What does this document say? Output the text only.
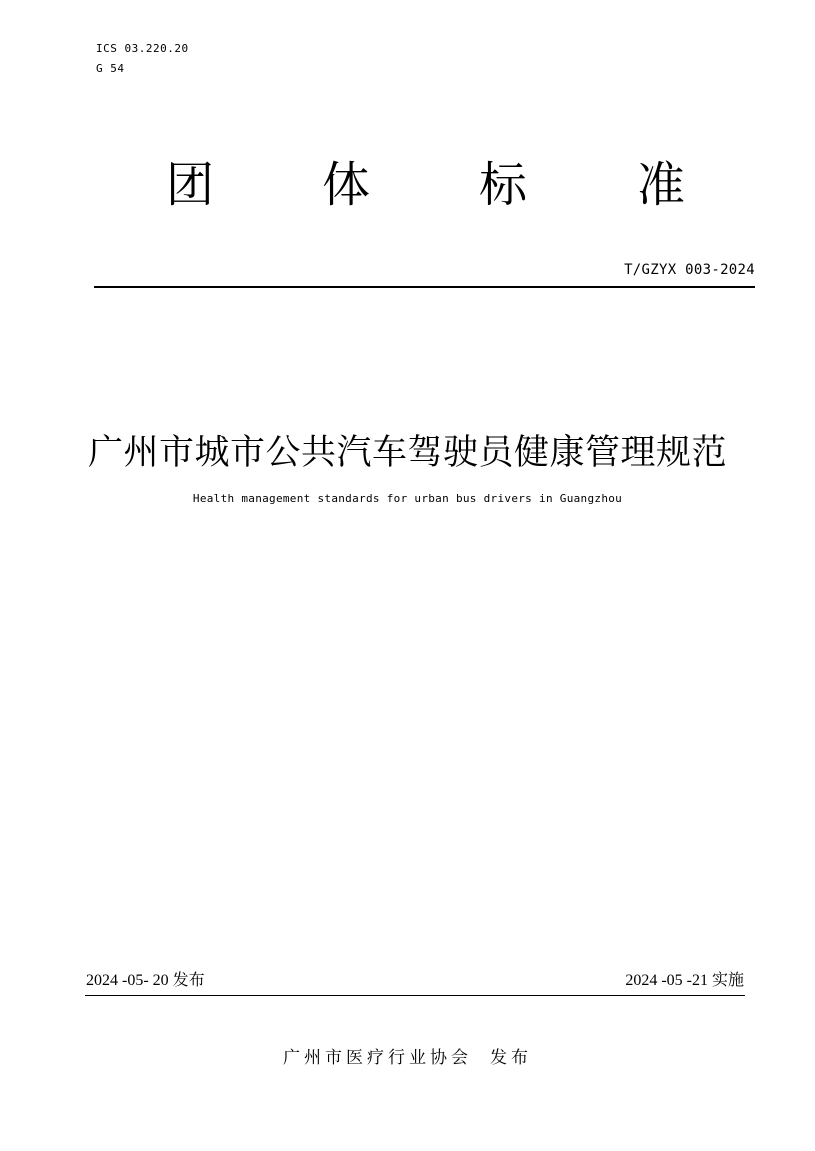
ICS 03.220.20
G 54
团 体 标 准
T/GZYX 003-2024
广州市城市公共汽车驾驶员健康管理规范
Health management standards for urban bus drivers in Guangzhou
2024 -05- 20 发布	2024 -05 -21 实施
广州市医疗行业协会 发布
